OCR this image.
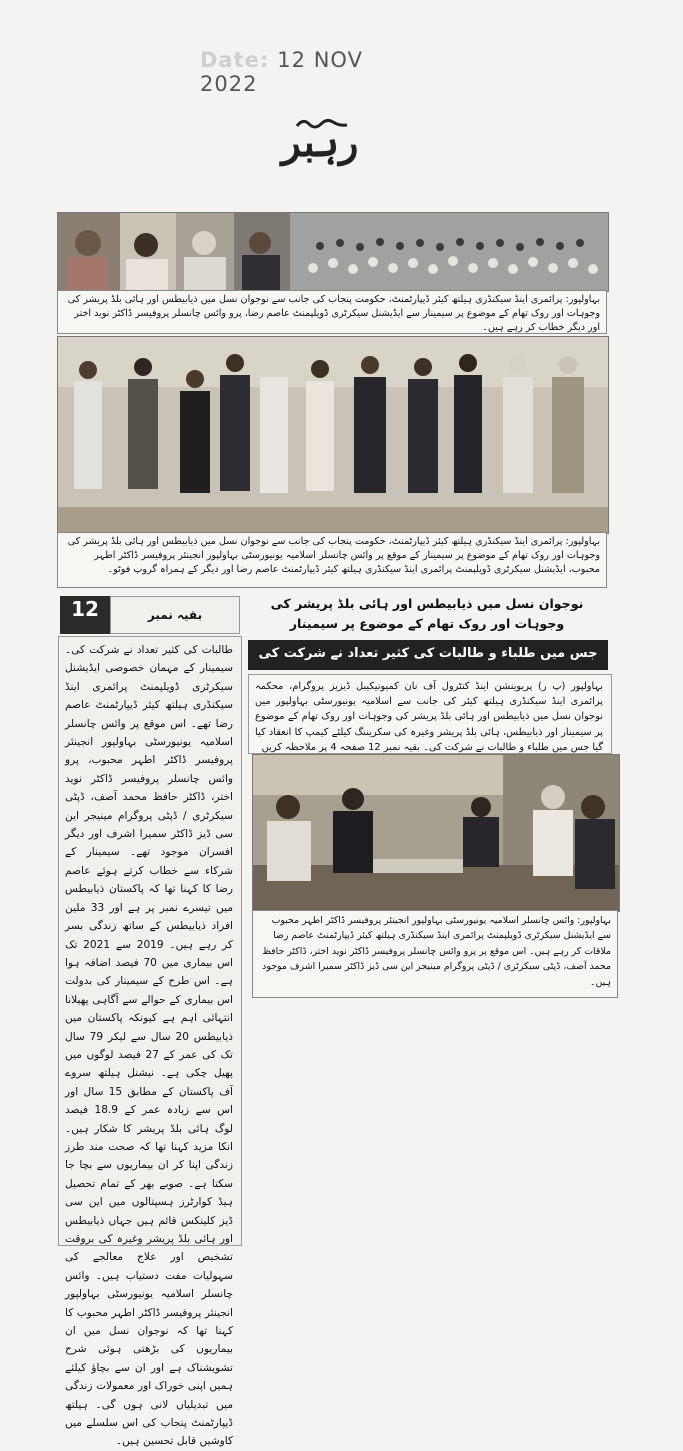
Date: 12 NOV 2022
رہبر
بہاولپور: پرائمری اینڈ سیکنڈری ہیلتھ کیئر ڈیپارٹمنٹ، حکومت پنجاب کی جانب سے نوجوان نسل میں ذیابیطس اور ہائی بلڈ پریشر کی وجوہات اور روک تھام کے موضوع پر سیمینار سے ایڈیشنل سیکرٹری ڈویلپمنٹ عاصم رضا، پرو وائس چانسلر پروفیسر ڈاکٹر نوید اختر اور دیگر خطاب کر رہے ہیں۔
بہاولپور: پرائمری اینڈ سیکنڈری ہیلتھ کیئر ڈیپارٹمنٹ، حکومت پنجاب کی جانب سے نوجوان نسل میں ذیابیطس اور ہائی بلڈ پریشر کی وجوہات اور روک تھام کے موضوع پر سیمینار کے موقع پر وائس چانسلر اسلامیہ یونیورسٹی بہاولپور انجینئر پروفیسر ڈاکٹر اطہر محبوب، ایڈیشنل سیکرٹری ڈویلپمنٹ پرائمری اینڈ سیکنڈری ہیلتھ کیئر ڈیپارٹمنٹ عاصم رضا اور دیگر کے ہمراہ گروپ فوٹو۔
نوجوان نسل میں ذیابیطس اور ہائی بلڈ پریشر کی وجوہات اور روک تھام کے موضوع پر سیمینار
جس میں طلباء و طالبات کی کثیر تعداد نے شرکت کی
بہاولپور (پ ر) پریوینشن اینڈ کنٹرول آف نان کمیونیکیبل ڈیزیز پروگرام، محکمہ پرائمری اینڈ سیکنڈری ہیلتھ کیئر کی جانب سے اسلامیہ یونیورسٹی بہاولپور میں نوجوان نسل میں ذیابیطس اور ہائی بلڈ پریشر کی وجوہات اور روک تھام کے موضوع پر سیمینار اور ذیابیطس، ہائی بلڈ پریشر وغیرہ کی سکریننگ کیلئے کیمپ کا انعقاد کیا گیا جس میں طلباء و طالبات نے شرکت کی۔ بقیہ نمبر 12 صفحہ 4 پر ملاحظہ کریں
بہاولپور: وائس چانسلر اسلامیہ یونیورسٹی بہاولپور انجینئر پروفیسر ڈاکٹر اطہر محبوب سے ایڈیشنل سیکرٹری ڈویلپمنٹ پرائمری اینڈ سیکنڈری ہیلتھ کیئر ڈیپارٹمنٹ عاصم رضا ملاقات کر رہے ہیں۔ اس موقع پر پرو وائس چانسلر پروفیسر ڈاکٹر نوید اختر، ڈاکٹر حافظ محمد آصف، ڈپٹی سیکرٹری / ڈپٹی پروگرام مینیجر این سی ڈیز ڈاکٹر سمیرا اشرف موجود ہیں۔
12	بقیہ نمبر
طالبات کی کثیر تعداد نے شرکت کی۔ سیمینار کے مہمان خصوصی ایڈیشنل سیکرٹری ڈویلپمنٹ پرائمری اینڈ سیکنڈری ہیلتھ کیئر ڈیپارٹمنٹ عاصم رضا تھے۔ اس موقع پر وائس چانسلر اسلامیہ یونیورسٹی بہاولپور انجینئر پروفیسر ڈاکٹر اطہر محبوب، پرو وائس چانسلر پروفیسر ڈاکٹر نوید اختر، ڈاکٹر حافظ محمد آصف، ڈپٹی سیکرٹری / ڈپٹی پروگرام مینیجر این سی ڈیز ڈاکٹر سمیرا اشرف اور دیگر افسران موجود تھے۔ سیمینار کے شرکاء سے خطاب کرتے ہوئے عاصم رضا کا کہنا تھا کہ پاکستان ذیابیطس میں تیسرے نمبر پر ہے اور 33 ملین افراد ذیابیطس کے ساتھ زندگی بسر کر رہے ہیں۔ 2019 سے 2021 تک اس بیماری میں 70 فیصد اضافہ ہوا ہے۔ اس طرح کے سیمینار کی بدولت اس بیماری کے حوالے سے آگاہی پھیلانا انتہائی اہم ہے کیونکہ پاکستان میں ذیابیطس 20 سال سے لیکر 79 سال تک کی عمر کے 27 فیصد لوگوں میں پھیل چکی ہے۔ نیشنل ہیلتھ سروے آف پاکستان کے مطابق 15 سال اور اس سے زیادہ عمر کے 18.9 فیصد لوگ ہائی بلڈ پریشر کا شکار ہیں۔ انکا مزید کہنا تھا کہ صحت مند طرز زندگی اپنا کر ان بیماریوں سے بچا جا سکتا ہے۔ صوبے بھر کے تمام تحصیل ہیڈ کوارٹرز ہسپتالوں میں این سی ڈیز کلینکس قائم ہیں جہاں ذیابیطس اور ہائی بلڈ پریشر وغیرہ کی بروقت تشخیص اور علاج معالجے کی سہولیات مفت دستیاب ہیں۔ وائس چانسلر اسلامیہ یونیورسٹی بہاولپور انجینئر پروفیسر ڈاکٹر اطہر محبوب کا کہنا تھا کہ نوجوان نسل میں ان بیماریوں کی بڑھتی ہوئی شرح تشویشناک ہے اور ان سے بچاؤ کیلئے ہمیں اپنی خوراک اور معمولات زندگی میں تبدیلیاں لانی ہوں گی۔ ہیلتھ ڈیپارٹمنٹ پنجاب کی اس سلسلے میں کاوشیں قابل تحسین ہیں۔
